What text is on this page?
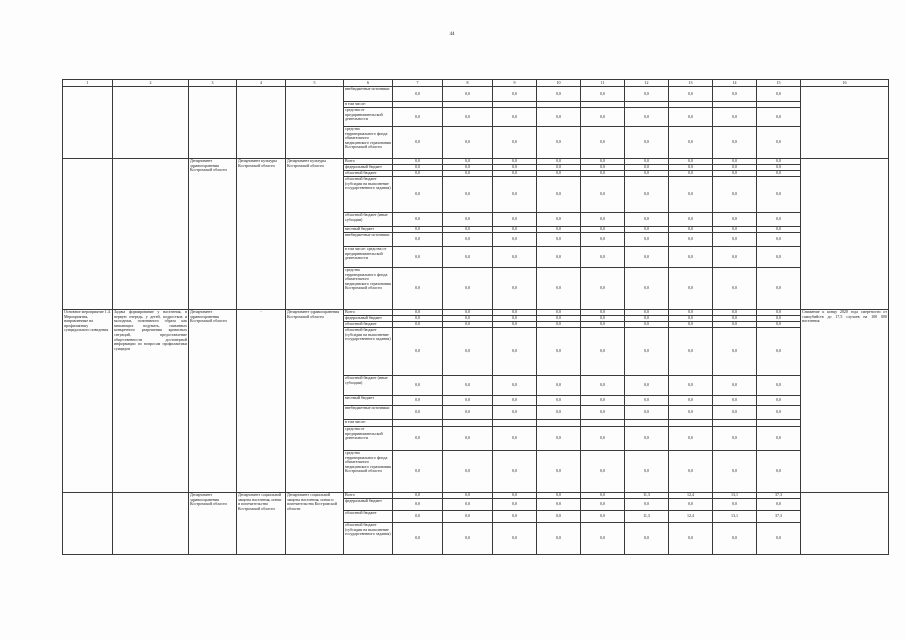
44
1	2	3	4	5	6	7	8	9	10	11	12	13	14	15	16
					внебюджетные источники	0,0	0,0	0,0	0,0	0,0	0,0	0,0	0,0	0,0	
					в том числе:										
					средства от предпринимательской деятельности	0,0	0,0	0,0	0,0	0,0	0,0	0,0	0,0	0,0	
					средства территориального фонда обязательного медицинского страхования Костромской области	0,0	0,0	0,0	0,0	0,0	0,0	0,0	0,0	0,0	
		Департамент здравоохранения Костромской области	Департамент культуры Костромской области	Департамент культуры Костромской области	Всего	0,0	0,0	0,0	0,0	0,0	0,0	0,0	0,0	0,0	
					федеральный бюджет	0,0	0,0	0,0	0,0	0,0	0,0	0,0	0,0	0,0	
					областной бюджет	0,0	0,0	0,0	0,0	0,0	0,0	0,0	0,0	0,0	
					областной бюджет (субсидии на выполнение государственного задания)	0,0	0,0	0,0	0,0	0,0	0,0	0,0	0,0	0,0	
					областной бюджет (иные субсидии)	0,0	0,0	0,0	0,0	0,0	0,0	0,0	0,0	0,0	
					местный бюджет	0,0	0,0	0,0	0,0	0,0	0,0	0,0	0,0	0,0	
					внебюджетные источники	0,0	0,0	0,0	0,0	0,0	0,0	0,0	0,0	0,0	
					в том числе: средства от предпринимательской деятельности	0,0	0,0	0,0	0,0	0,0	0,0	0,0	0,0	0,0	
					средства территориального фонда обязательного медицинского страхования Костромской области	0,0	0,0	0,0	0,0	0,0	0,0	0,0	0,0	0,0	
Основное мероприятие 1.4. Мероприятия, направленные на профилактику суицидального поведения	Задача формирование у населения, в первую очередь, у детей, подростков и молодежи, позитивного образа как мешающих подумать, связанных конкретного разрешения кризисных ситуаций, предоставление общественности достоверной информации по вопросам профилактики суицидов	Департамент здравоохранения Костромской области	-	Департамент здравоохранения Костромской области	Всего	0,0	0,0	0,0	0,0	0,0	0,0	0,0	0,0	0,0	Снижение к концу 2020 года смертности от самоубийств до 17,5 случаев на 100 000 населения
					федеральный бюджет	0,0	0,0	0,0	0,0	0,0	0,0	0,0	0,0	0,0	
					областной бюджет	0,0	0,0	0,0	0,0	0,0	0,0	0,0	0,0	0,0	
					областной бюджет (субсидии на выполнение государственного задания)	0,0	0,0	0,0	0,0	0,0	0,0	0,0	0,0	0,0	
					областной бюджет (иные субсидии)	0,0	0,0	0,0	0,0	0,0	0,0	0,0	0,0	0,0	
					местный бюджет	0,0	0,0	0,0	0,0	0,0	0,0	0,0	0,0	0,0	
					внебюджетные источники	0,0	0,0	0,0	0,0	0,0	0,0	0,0	0,0	0,0	
					в том числе:										
					средства от предпринимательской деятельности	0,0	0,0	0,0	0,0	0,0	0,0	0,0	0,0	0,0	
					средства территориального фонда обязательного медицинского страхования Костромской области	0,0	0,0	0,0	0,0	0,0	0,0	0,0	0,0	0,0	
		Департамент здравоохранения Костромской области	Департамент социальной защиты населения, опеки и попечительства Костромской области	Департамент социальной защиты населения, опеки и попечительства Костромской области	Всего	0,0	0,0	0,0	0,0	0,0	11,3	12,4	13,1	37,3	
					федеральный бюджет	0,0	0,0	0,0	0,0	0,0	0,0	0,0	0,0	0,0	
					областной бюджет	0,0	0,0	0,0	0,0	0,0	11,3	12,4	13,1	37,3	
					областной бюджет (субсидии на выполнение государственного задания)	0,0	0,0	0,0	0,0	0,0	0,0	0,0	0,0	0,0	
